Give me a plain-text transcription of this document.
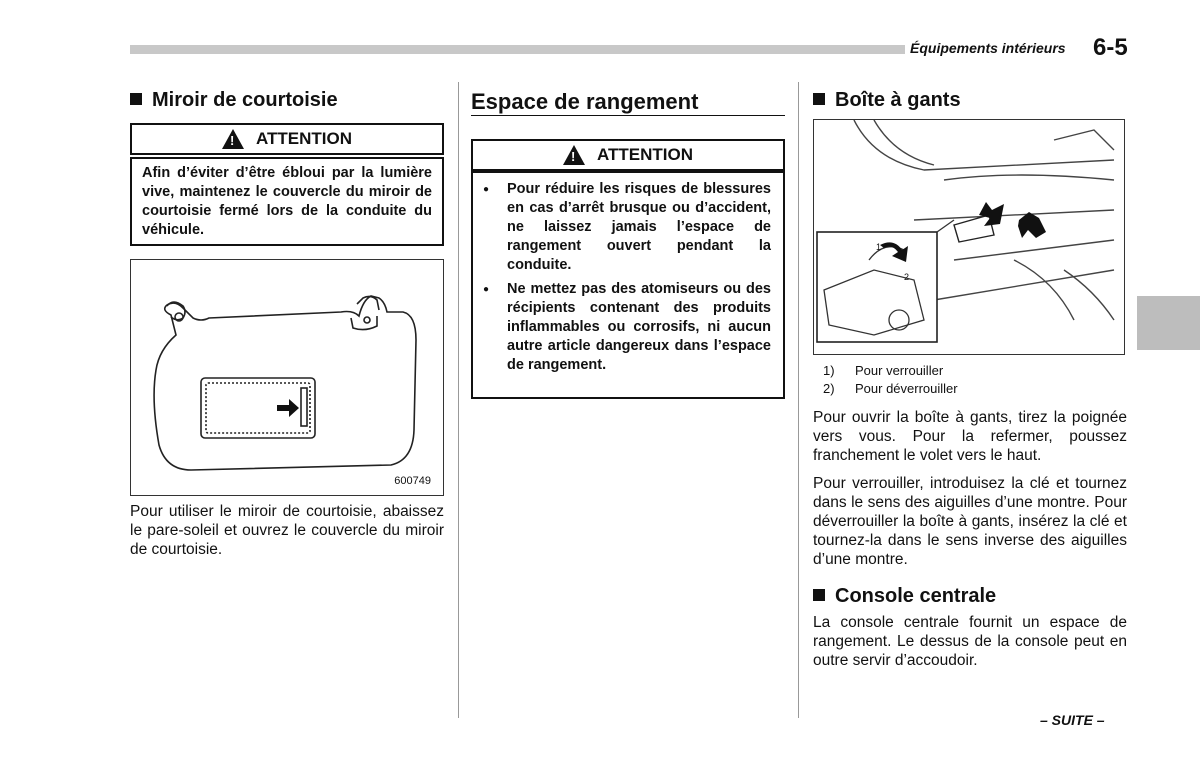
Équipements intérieurs 6-5
Miroir de courtoisie
!
ATTENTION

Afin d’éviter d’être ébloui par la lumière vive, maintenez le couvercle du miroir de courtoisie fermé lors de la conduite du véhicule.

600749

Pour utiliser le miroir de courtoisie, abaissez le pare-soleil et ouvrez le couvercle du miroir de courtoisie.

Espace de rangement
!
ATTENTION
● Pour réduire les risques de blessures en cas d’arrêt brusque ou d’accident, ne laissez jamais l’espace de rangement ouvert pendant la conduite.
● Ne mettez pas des atomiseurs ou des récipients contenant des produits inflammables ou corrosifs, ni aucun autre article dangereux dans l’espace de rangement.
Boîte à gants
1
2
1) Pour verrouiller
2) Pour déverrouiller

Pour ouvrir la boîte à gants, tirez la poignée vers vous. Pour la refermer, poussez franchement le volet vers le haut.

Pour verrouiller, introduisez la clé et tournez dans le sens des aiguilles d’une montre. Pour déverrouiller la boîte à gants, insérez la clé et tournez-la dans le sens inverse des aiguilles d’une montre.

Console centrale

La console centrale fournit un espace de rangement. Le dessus de la console peut en outre servir d’accoudoir.

– SUITE –
